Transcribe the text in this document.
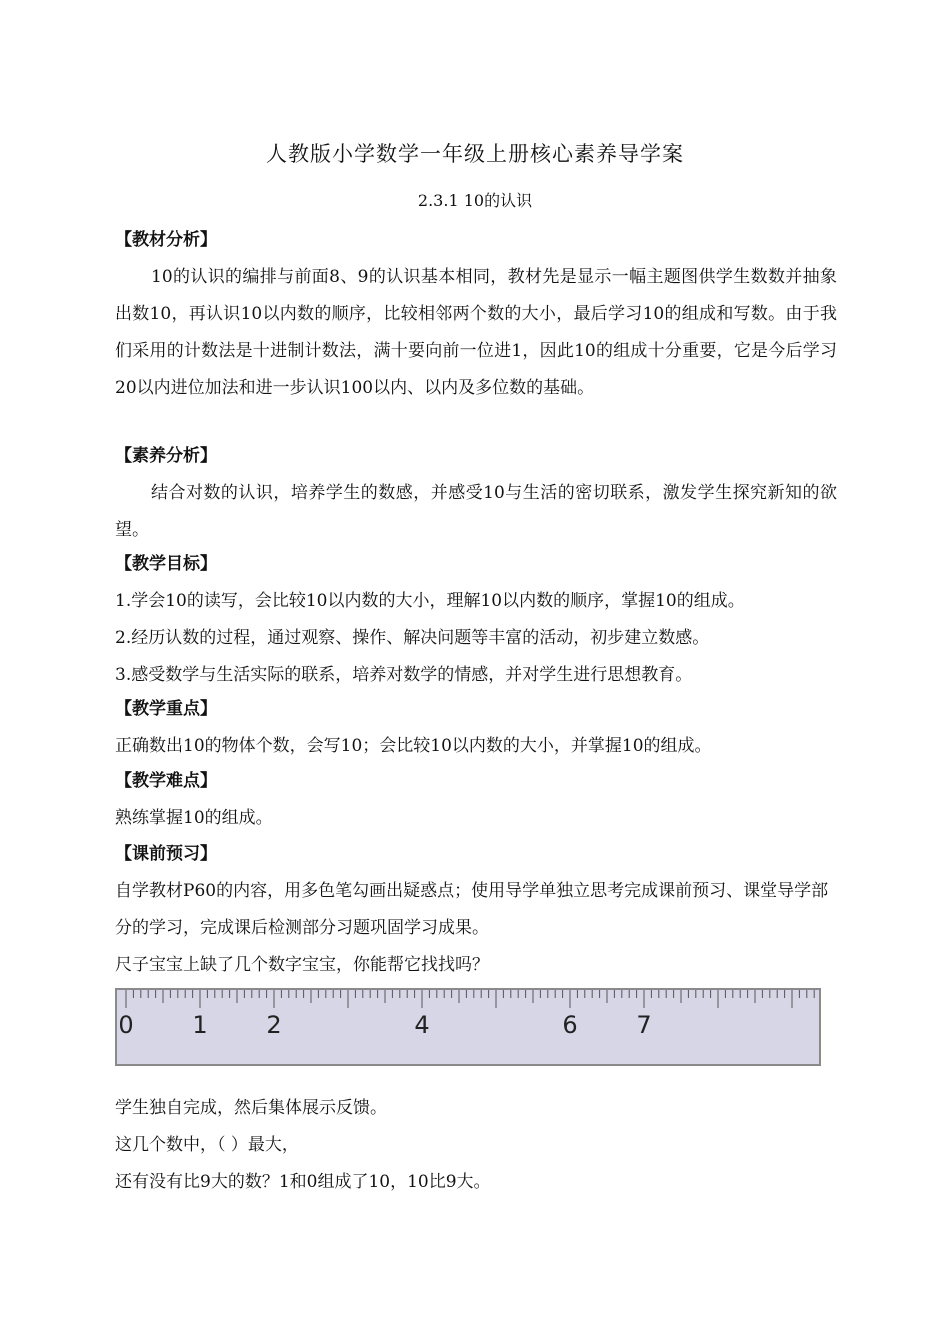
人教版小学数学一年级上册核心素养导学案
2.3.1 10的认识
【教材分析】
10的认识的编排与前面8、9的认识基本相同，教材先是显示一幅主题图供学生数数并抽象出数10，再认识10以内数的顺序，比较相邻两个数的大小，最后学习10的组成和写数。由于我们采用的计数法是十进制计数法，满十要向前一位进1，因此10的组成十分重要，它是今后学习20以内进位加法和进一步认识100以内、以内及多位数的基础。
【素养分析】
结合对数的认识，培养学生的数感，并感受10与生活的密切联系，激发学生探究新知的欲望。
【教学目标】
1.学会10的读写，会比较10以内数的大小，理解10以内数的顺序，掌握10的组成。
2.经历认数的过程，通过观察、操作、解决问题等丰富的活动，初步建立数感。
3.感受数学与生活实际的联系，培养对数学的情感，并对学生进行思想教育。
【教学重点】
正确数出10的物体个数，会写10；会比较10以内数的大小，并掌握10的组成。
【教学难点】
熟练掌握10的组成。
【课前预习】
自学教材P60的内容，用多色笔勾画出疑惑点；使用导学单独立思考完成课前预习、课堂导学部分的学习，完成课后检测部分习题巩固学习成果。
尺子宝宝上缺了几个数字宝宝，你能帮它找找吗？
0 1 2	4	6 7
学生独自完成，然后集体展示反馈。
这几个数中，（ ）最大，
还有没有比9大的数？1和0组成了10，10比9大。
